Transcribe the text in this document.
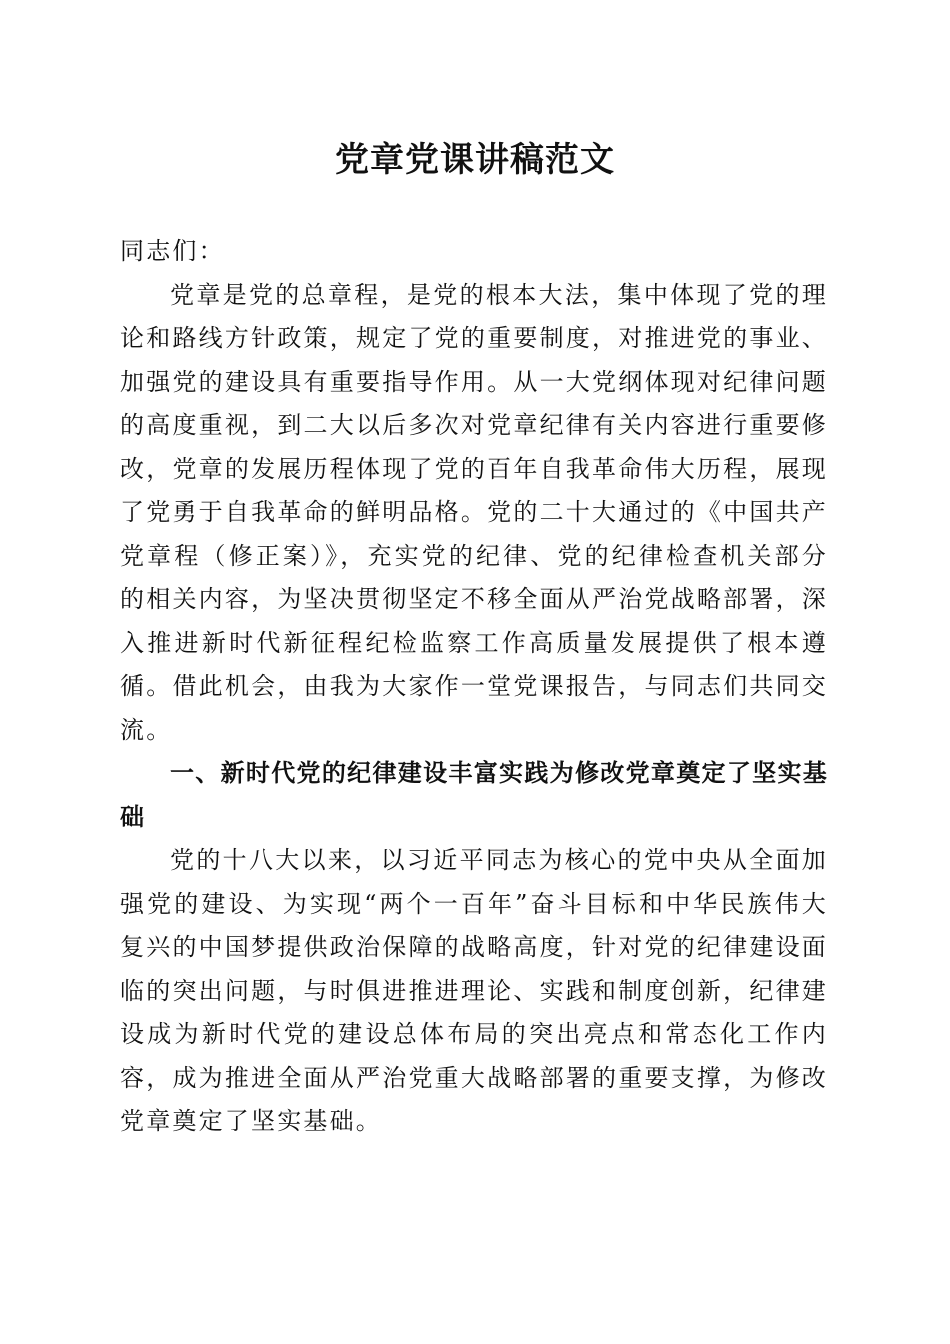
党章党课讲稿范文

同志们：

党章是党的总章程，是党的根本大法，集中体现了党的理论和路线方针政策，规定了党的重要制度，对推进党的事业、加强党的建设具有重要指导作用。从一大党纲体现对纪律问题的高度重视，到二大以后多次对党章纪律有关内容进行重要修改，党章的发展历程体现了党的百年自我革命伟大历程，展现了党勇于自我革命的鲜明品格。党的二十大通过的《中国共产党章程（修正案）》，充实党的纪律、党的纪律检查机关部分的相关内容，为坚决贯彻坚定不移全面从严治党战略部署，深入推进新时代新征程纪检监察工作高质量发展提供了根本遵循。借此机会，由我为大家作一堂党课报告，与同志们共同交流。

一、新时代党的纪律建设丰富实践为修改党章奠定了坚实基础

党的十八大以来，以习近平同志为核心的党中央从全面加强党的建设、为实现“两个一百年”奋斗目标和中华民族伟大复兴的中国梦提供政治保障的战略高度，针对党的纪律建设面临的突出问题，与时俱进推进理论、实践和制度创新，纪律建设成为新时代党的建设总体布局的突出亮点和常态化工作内容，成为推进全面从严治党重大战略部署的重要支撑，为修改党章奠定了坚实基础。
